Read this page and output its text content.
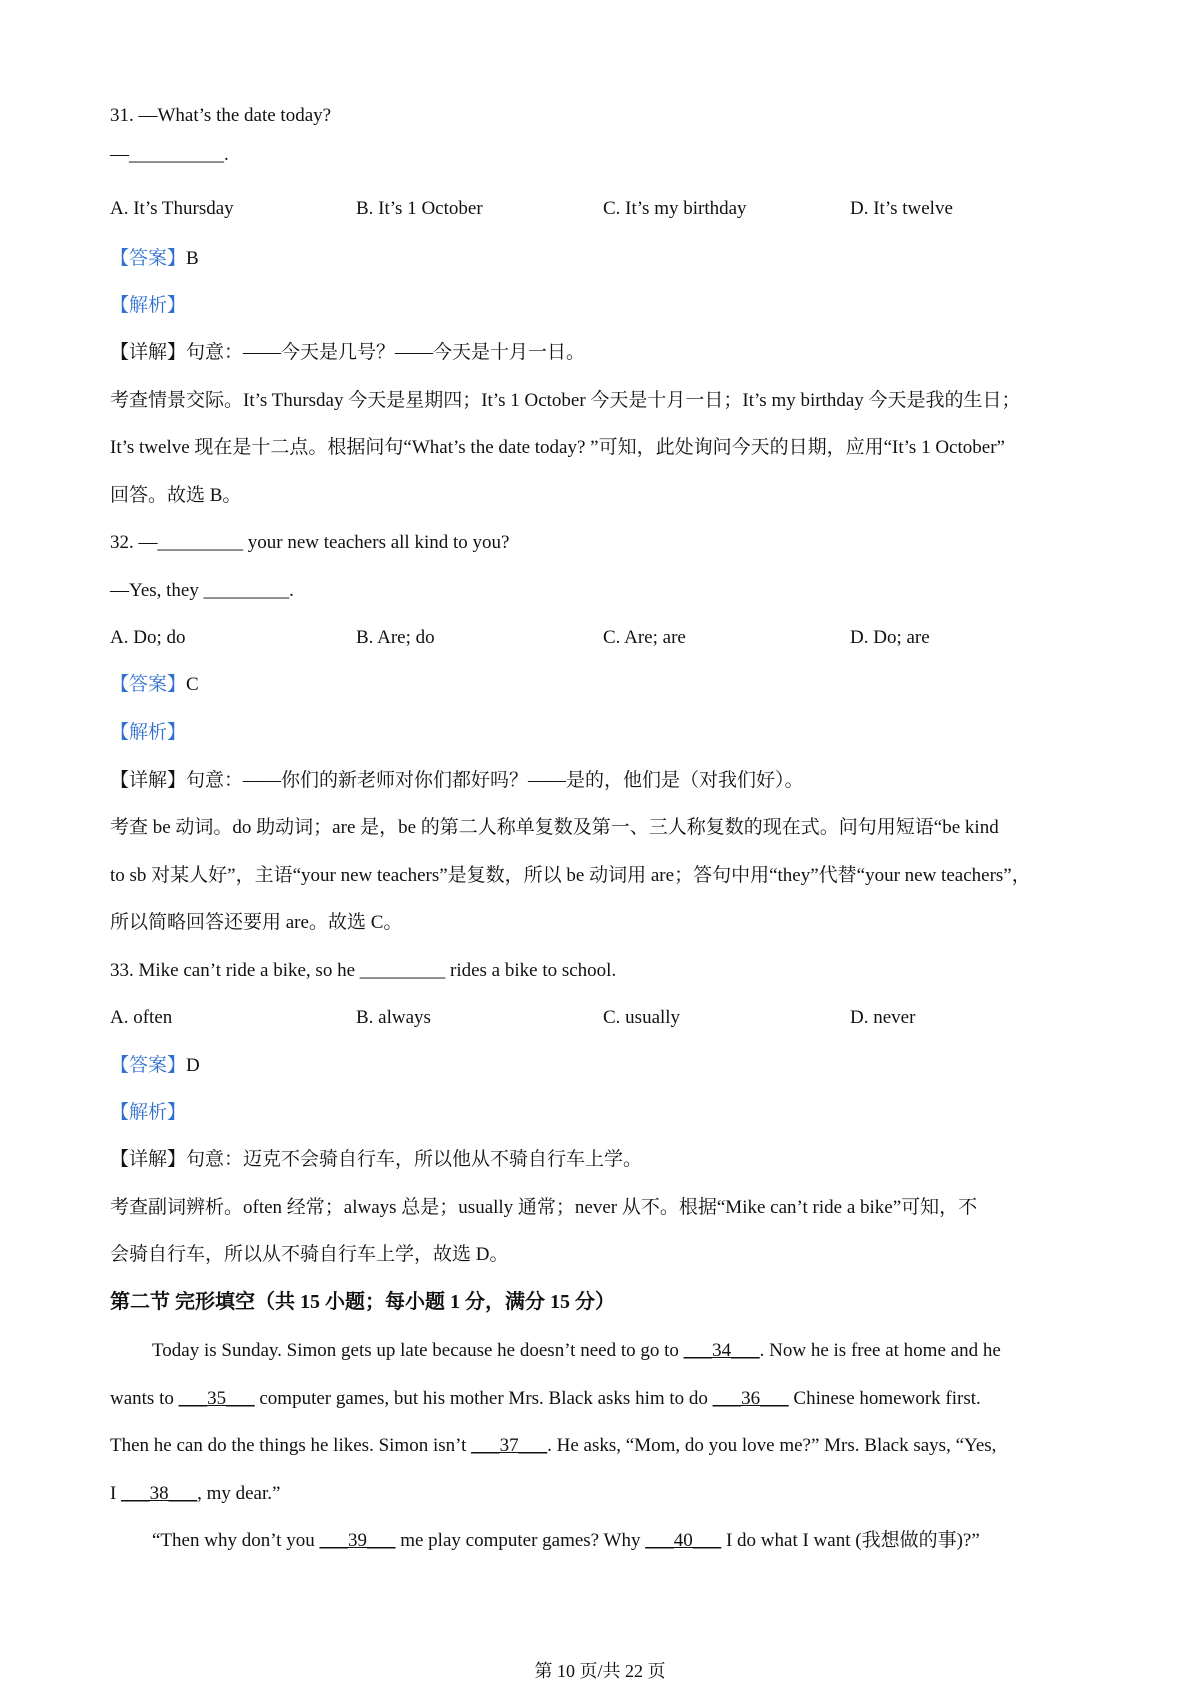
31. —What’s the date today?
—__________.
A. It’s Thursday	B. It’s 1 October	C. It’s my birthday	D. It’s twelve
【答案】B
【解析】
【详解】句意：——今天是几号？——今天是十月一日。
考查情景交际。It’s Thursday 今天是星期四；It’s 1 October 今天是十月一日；It’s my birthday 今天是我的生日；
It’s twelve 现在是十二点。根据问句“What’s the date today? ”可知，此处询问今天的日期，应用“It’s 1 October”
回答。故选 B。
32. —_________ your new teachers all kind to you?
—Yes, they _________.
A. Do; do	B. Are; do	C. Are; are	D. Do; are
【答案】C
【解析】
【详解】句意：——你们的新老师对你们都好吗？——是的，他们是（对我们好）。
考查 be 动词。do 助动词；are 是，be 的第二人称单复数及第一、三人称复数的现在式。问句用短语“be kind
to sb 对某人好”，主语“your new teachers”是复数，所以 be 动词用 are；答句中用“they”代替“your new teachers”，
所以简略回答还要用 are。故选 C。
33. Mike can’t ride a bike, so he _________ rides a bike to school.
A. often	B. always	C. usually	D. never
【答案】D
【解析】
【详解】句意：迈克不会骑自行车，所以他从不骑自行车上学。
考查副词辨析。often 经常；always 总是；usually 通常；never 从不。根据“Mike can’t ride a bike”可知，不
会骑自行车，所以从不骑自行车上学，故选 D。
第二节 完形填空（共 15 小题；每小题 1 分，满分 15 分）
Today is Sunday. Simon gets up late because he doesn’t need to go to ___34___. Now he is free at home and he
wants to ___35___ computer games, but his mother Mrs. Black asks him to do ___36___ Chinese homework first.
Then he can do the things he likes. Simon isn’t ___37___. He asks, “Mom, do you love me?” Mrs. Black says, “Yes,
I ___38___, my dear.”
“Then why don’t you ___39___ me play computer games? Why ___40___ I do what I want (我想做的事)?”
第 10 页/共 22 页
